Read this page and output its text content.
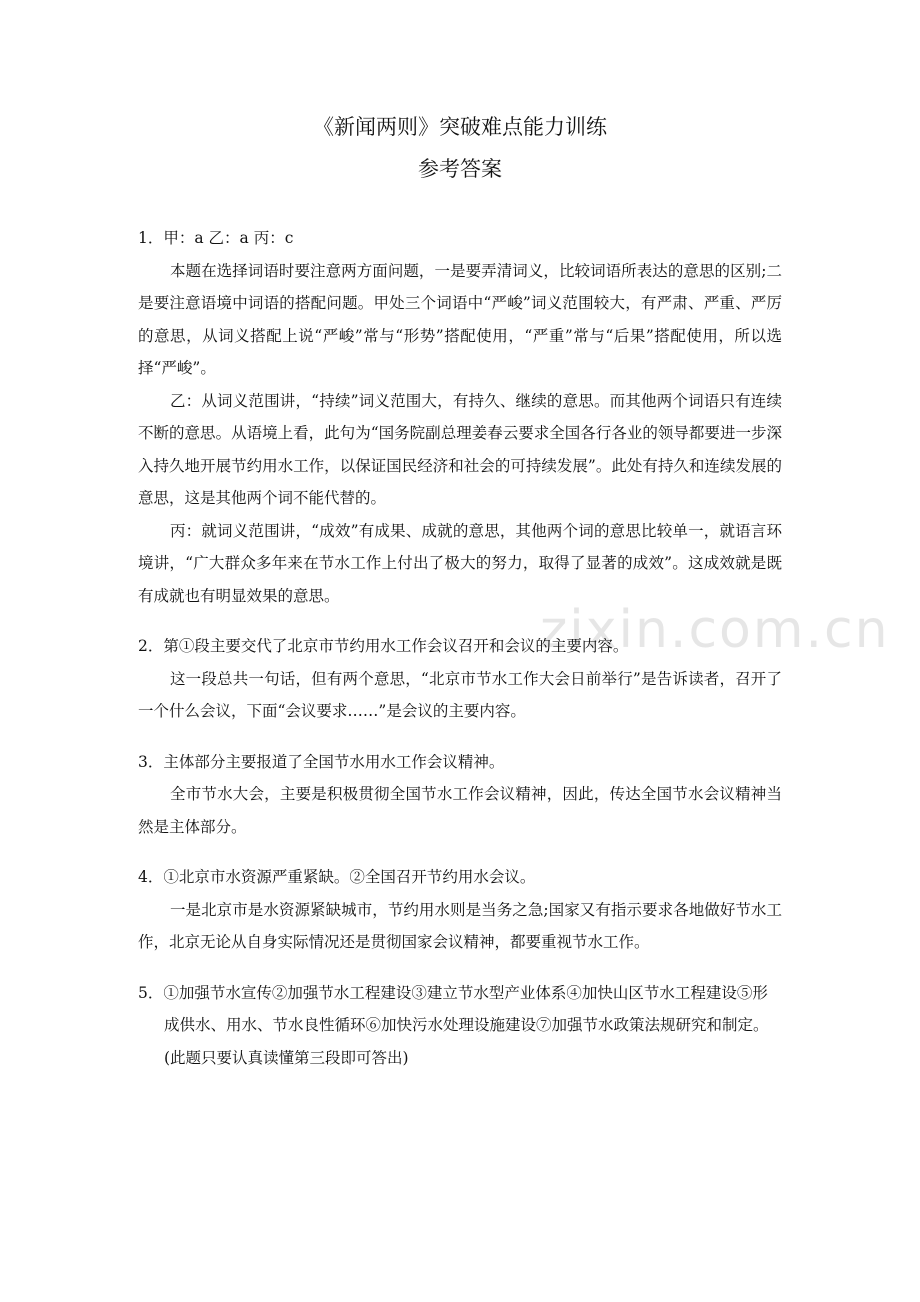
zixin.com.cn
《新闻两则》突破难点能力训练
参考答案

1．甲：a 乙：a 丙：c

本题在选择词语时要注意两方面问题，一是要弄清词义，比较词语所表达的意思的区别;二是要注意语境中词语的搭配问题。甲处三个词语中“严峻”词义范围较大，有严肃、严重、严厉的意思，从词义搭配上说“严峻”常与“形势”搭配使用，“严重”常与“后果”搭配使用，所以选择“严峻”。

乙：从词义范围讲，“持续”词义范围大，有持久、继续的意思。而其他两个词语只有连续不断的意思。从语境上看，此句为“国务院副总理姜春云要求全国各行各业的领导都要进一步深入持久地开展节约用水工作，以保证国民经济和社会的可持续发展”。此处有持久和连续发展的意思，这是其他两个词不能代替的。

丙：就词义范围讲，“成效”有成果、成就的意思，其他两个词的意思比较单一，就语言环境讲，“广大群众多年来在节水工作上付出了极大的努力，取得了显著的成效”。这成效就是既有成就也有明显效果的意思。

2．第①段主要交代了北京市节约用水工作会议召开和会议的主要内容。

这一段总共一句话，但有两个意思，“北京市节水工作大会日前举行”是告诉读者，召开了一个什么会议，下面“会议要求……”是会议的主要内容。

3．主体部分主要报道了全国节水用水工作会议精神。

全市节水大会，主要是积极贯彻全国节水工作会议精神，因此，传达全国节水会议精神当然是主体部分。

4．①北京市水资源严重紧缺。②全国召开节约用水会议。

一是北京市是水资源紧缺城市，节约用水则是当务之急;国家又有指示要求各地做好节水工作，北京无论从自身实际情况还是贯彻国家会议精神，都要重视节水工作。

5．①加强节水宣传②加强节水工程建设③建立节水型产业体系④加快山区节水工程建设⑤形成供水、用水、节水良性循环⑥加快污水处理设施建设⑦加强节水政策法规研究和制定。(此题只要认真读懂第三段即可答出)
